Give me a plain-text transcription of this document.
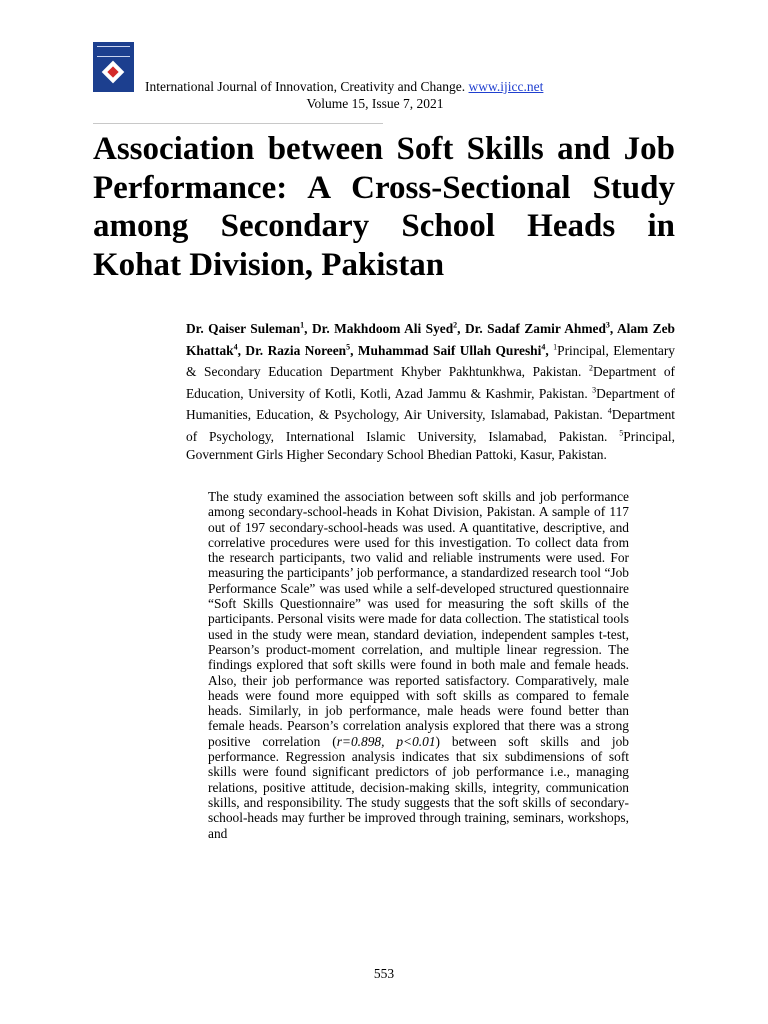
International Journal of Innovation, Creativity and Change. www.ijicc.net
Volume 15, Issue 7, 2021
Association between Soft Skills and Job Performance: A Cross-Sectional Study among Secondary School Heads in Kohat Division, Pakistan
Dr. Qaiser Suleman$^1$, Dr. Makhdoom Ali Syed$^2$, Dr. Sadaf Zamir Ahmed$^3$, Alam Zeb Khattak$^4$, Dr. Razia Noreen$^5$, Muhammad Saif Ullah Qureshi$^4$, $^1$Principal, Elementary & Secondary Education Department Khyber Pakhtunkhwa, Pakistan. $^2$Department of Education, University of Kotli, Kotli, Azad Jammu & Kashmir, Pakistan. $^3$Department of Humanities, Education, & Psychology, Air University, Islamabad, Pakistan. $^4$Department of Psychology, International Islamic University, Islamabad, Pakistan. $^5$Principal, Government Girls Higher Secondary School Bhedian Pattoki, Kasur, Pakistan.
The study examined the association between soft skills and job performance among secondary-school-heads in Kohat Division, Pakistan. A sample of 117 out of 197 secondary-school-heads was used. A quantitative, descriptive, and correlative procedures were used for this investigation. To collect data from the research participants, two valid and reliable instruments were used. For measuring the participants’ job performance, a standardized research tool “Job Performance Scale” was used while a self-developed structured questionnaire “Soft Skills Questionnaire” was used for measuring the soft skills of the participants. Personal visits were made for data collection. The statistical tools used in the study were mean, standard deviation, independent samples t-test, Pearson’s product-moment correlation, and multiple linear regression. The findings explored that soft skills were found in both male and female heads. Also, their job performance was reported satisfactory. Comparatively, male heads were found more equipped with soft skills as compared to female heads. Similarly, in job performance, male heads were found better than female heads. Pearson’s correlation analysis explored that there was a strong positive correlation (r=0.898, p<0.01) between soft skills and job performance. Regression analysis indicates that six subdimensions of soft skills were found significant predictors of job performance i.e., managing relations, positive attitude, decision-making skills, integrity, communication skills, and responsibility. The study suggests that the soft skills of secondary-school-heads may further be improved through training, seminars, workshops, and
553
